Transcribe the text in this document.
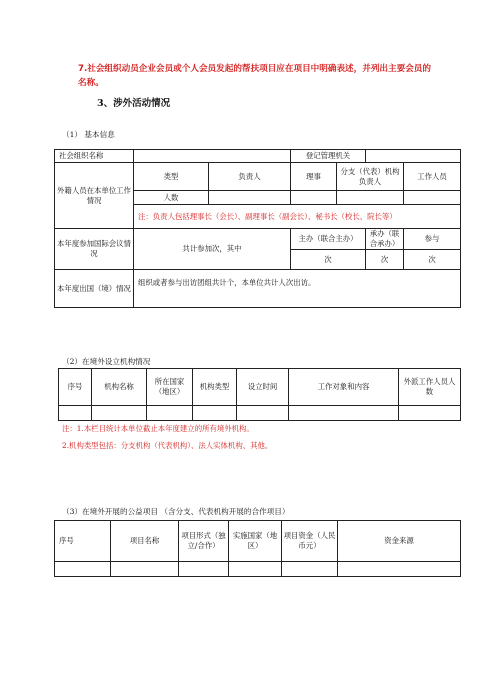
7.社会组织动员企业会员或个人会员发起的帮扶项目应在项目中明确表述，并列出主要会员的名称。
3、涉外活动情况
（1） 基本信息
社会组织名称			登记管理机关			
外籍人员在本单位工作情况	类型	负责人	理事	分支（代表）机构负责人		工作人员
	人数					
	注：负责人包括理事长（会长）、副理事长（副会长）、秘书长（校长、院长等）					
本年度参加国际会议情况	共计参加次，其中		主办（联合主办）		承办（联合承办）	参与
			次		次	次
本年度出国（境）情况	组织或者参与出访团组共计个，本单位共计人次出访。					
（2）在境外设立机构情况
序号	机构名称	所在国家（地区）	机构类型	设立时间	工作对象和内容	外派工作人员人数

注：1.本栏目统计本单位截止本年度建立的所有境外机构。
2.机构类型包括：分支机构（代表机构）、法人实体机构、其他。
（3）在境外开展的公益项目 （含分支、代表机构开展的合作项目）
序号	项目名称	项目形式（独立/合作）	实施国家（地区）	项目资金（人民币元）	资金来源
